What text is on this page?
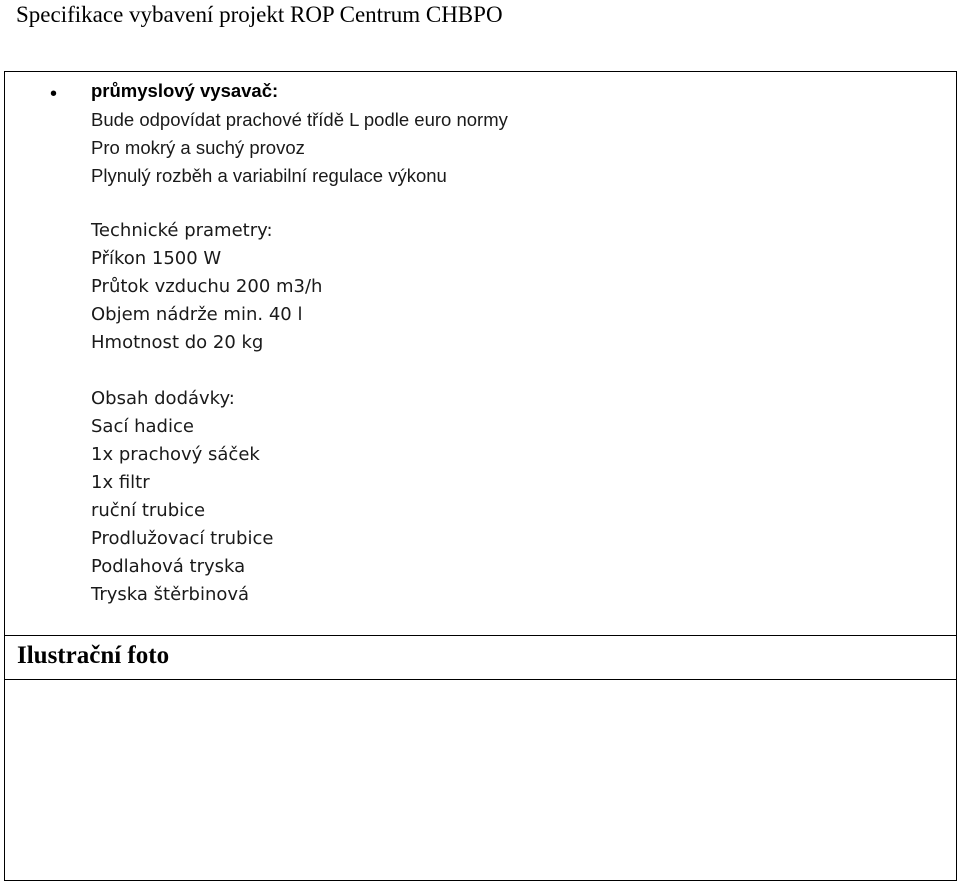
Specifikace vybavení projekt ROP Centrum CHBPO
• průmyslový vysavač:
Bude odpovídat prachové třídě L podle euro normy
Pro mokrý a suchý provoz
Plynulý rozběh a variabilní regulace výkonu
Technické prametry:
Příkon 1500 W
Průtok vzduchu 200 m3/h
Objem nádrže min. 40 l
Hmotnost do 20 kg
Obsah dodávky:
Sací hadice
1x prachový sáček
1x filtr
ruční trubice
Prodlužovací trubice
Podlahová tryska
Tryska štěrbinová
Ilustrační foto
